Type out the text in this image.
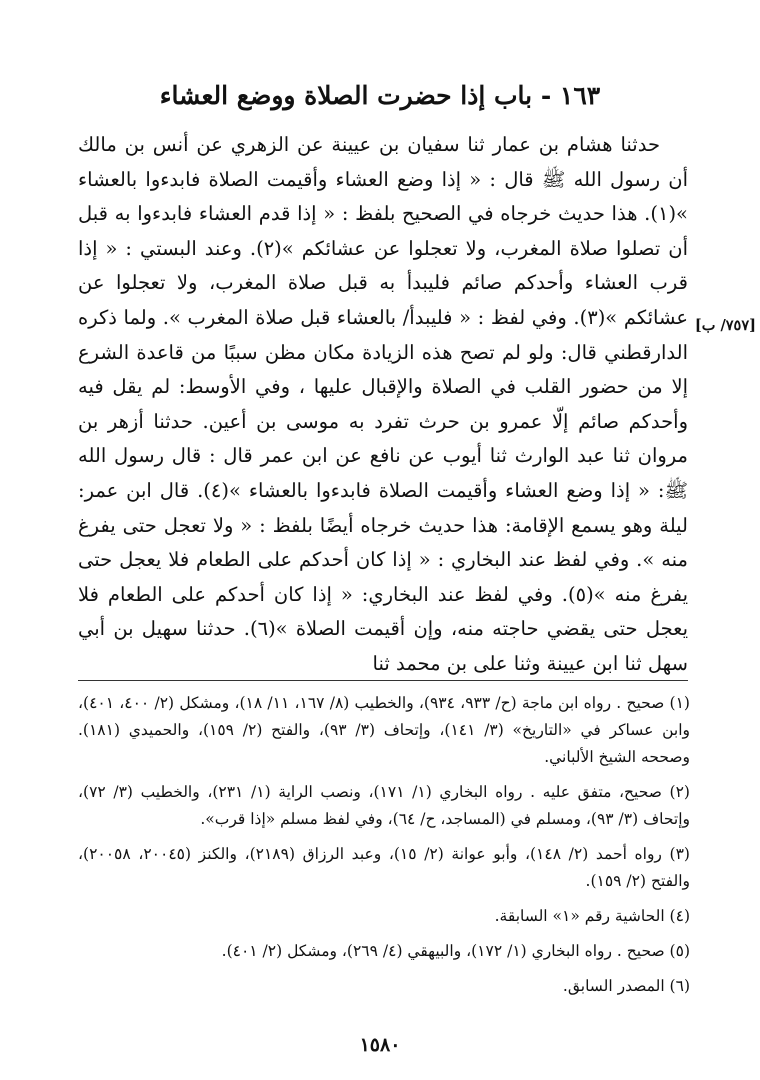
١٦٣ - باب إذا حضرت الصلاة ووضع العشاء

حدثنا هشام بن عمار ثنا سفيان بن عيينة عن الزهري عن أنس بن مالك أن رسول الله ﷺ قال : « إذا وضع العشاء وأقيمت الصلاة فابدءوا بالعشاء »(١). هذا حديث خرجاه في الصحيح بلفظ : « إذا قدم العشاء فابدءوا به قبل أن تصلوا صلاة المغرب، ولا تعجلوا عن عشائكم »(٢). وعند البستي : « إذا قرب العشاء وأحدكم صائم فليبدأ به قبل صلاة المغرب، ولا تعجلوا عن عشائكم »(٣). وفي لفظ : « فليبدأ/ بالعشاء قبل صلاة المغرب ». ولما ذكره الدارقطني قال: ولو لم تصح هذه الزيادة مكان مظن سببًا من قاعدة الشرع إلا من حضور القلب في الصلاة والإقبال عليها ، وفي الأوسط: لم يقل فيه وأحدكم صائم إلّا عمرو بن حرث تفرد به موسى بن أعين. حدثنا أزهر بن مروان ثنا عبد الوارث ثنا أيوب عن نافع عن ابن عمر قال : قال رسول الله ﷺ: « إذا وضع العشاء وأقيمت الصلاة فابدءوا بالعشاء »(٤). قال ابن عمر: ليلة وهو يسمع الإقامة: هذا حديث خرجاه أيضًا بلفظ : « ولا تعجل حتى يفرغ منه ». وفي لفظ عند البخاري : « إذا كان أحدكم على الطعام فلا يعجل حتى يفرغ منه »(٥). وفي لفظ عند البخاري: « إذا كان أحدكم على الطعام فلا يعجل حتى يقضي حاجته منه، وإن أقيمت الصلاة »(٦). حدثنا سهيل بن أبي سهل ثنا ابن عيينة وثنا على بن محمد ثنا

[٧٥٧/ ب]

(١) صحيح . رواه ابن ماجة (ح/ ٩٣٣، ٩٣٤)، والخطيب (٨/ ١٦٧، ١١/ ١٨)، ومشكل (٢/ ٤٠٠، ٤٠١)، وابن عساكر في «التاريخ» (٣/ ١٤١)، وإتحاف (٣/ ٩٣)، والفتح (٢/ ١٥٩)، والحميدي (١٨١). وصححه الشيخ الألباني.

(٢) صحيح، متفق عليه . رواه البخاري (١/ ١٧١)، ونصب الراية (١/ ٢٣١)، والخطيب (٣/ ٧٢)، وإتحاف (٣/ ٩٣)، ومسلم في (المساجد، ح/ ٦٤)، وفي لفظ مسلم «إذا قرب».

(٣) رواه أحمد (٢/ ١٤٨)، وأبو عوانة (٢/ ١٥)، وعبد الرزاق (٢١٨٩)، والكنز (٢٠٠٤٥، ٢٠٠٥٨)، والفتح (٢/ ١٥٩).

(٤) الحاشية رقم «١» السابقة.

(٥) صحيح . رواه البخاري (١/ ١٧٢)، والبيهقي (٤/ ٢٦٩)، ومشكل (٢/ ٤٠١).

(٦) المصدر السابق.

١٥٨٠
